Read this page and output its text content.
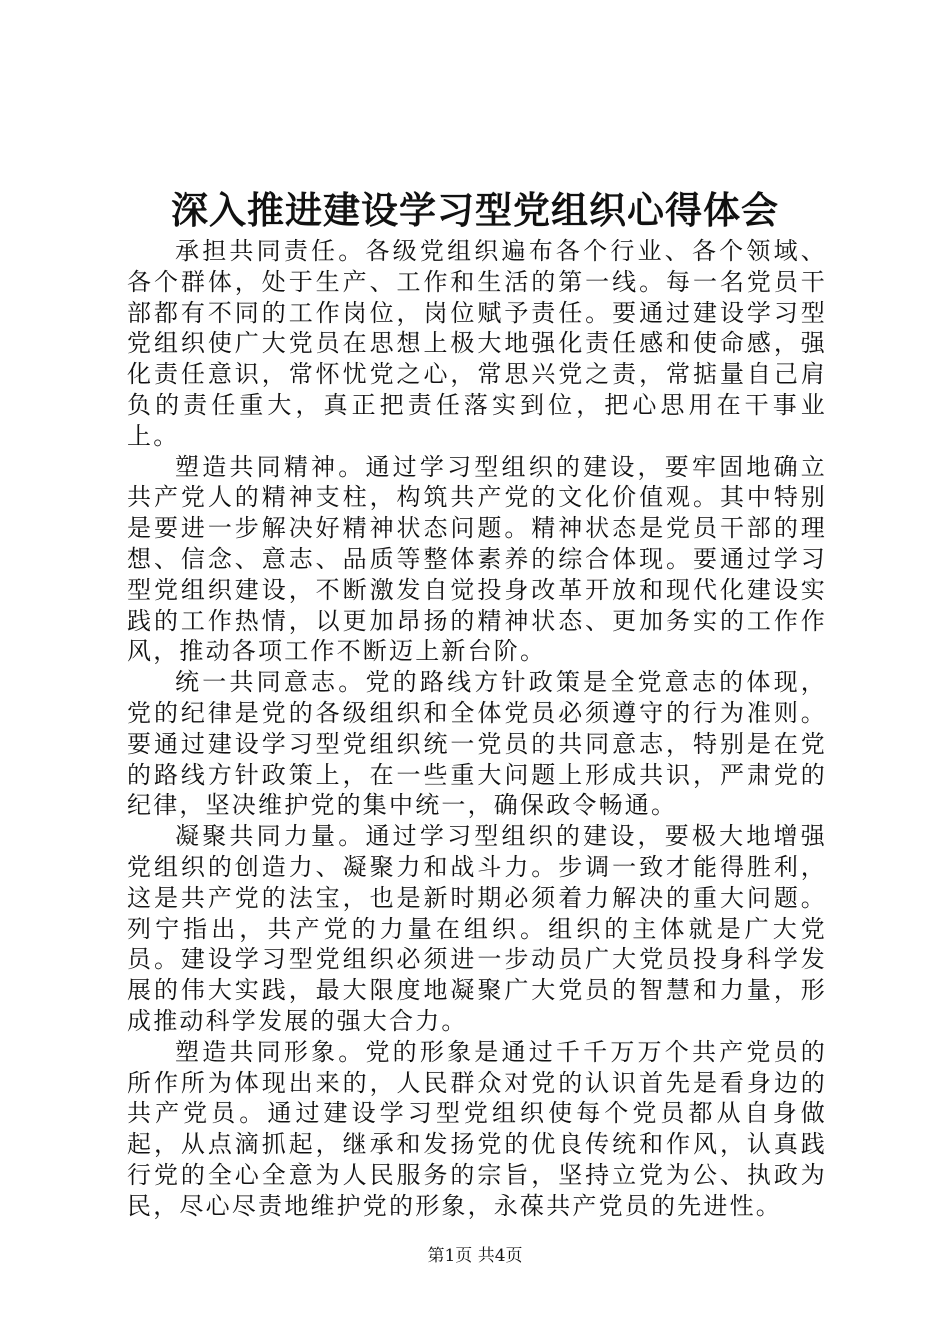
深入推进建设学习型党组织心得体会

承担共同责任。各级党组织遍布各个行业、各个领域、各个群体，处于生产、工作和生活的第一线。每一名党员干部都有不同的工作岗位，岗位赋予责任。要通过建设学习型党组织使广大党员在思想上极大地强化责任感和使命感，强化责任意识，常怀忧党之心，常思兴党之责，常掂量自己肩负的责任重大，真正把责任落实到位，把心思用在干事业上。

塑造共同精神。通过学习型组织的建设，要牢固地确立共产党人的精神支柱，构筑共产党的文化价值观。其中特别是要进一步解决好精神状态问题。精神状态是党员干部的理想、信念、意志、品质等整体素养的综合体现。要通过学习型党组织建设，不断激发自觉投身改革开放和现代化建设实践的工作热情，以更加昂扬的精神状态、更加务实的工作作风，推动各项工作不断迈上新台阶。

统一共同意志。党的路线方针政策是全党意志的体现，党的纪律是党的各级组织和全体党员必须遵守的行为准则。要通过建设学习型党组织统一党员的共同意志，特别是在党的路线方针政策上，在一些重大问题上形成共识，严肃党的纪律，坚决维护党的集中统一，确保政令畅通。

凝聚共同力量。通过学习型组织的建设，要极大地增强党组织的创造力、凝聚力和战斗力。步调一致才能得胜利，这是共产党的法宝，也是新时期必须着力解决的重大问题。列宁指出，共产党的力量在组织。组织的主体就是广大党员。建设学习型党组织必须进一步动员广大党员投身科学发展的伟大实践，最大限度地凝聚广大党员的智慧和力量，形成推动科学发展的强大合力。

塑造共同形象。党的形象是通过千千万万个共产党员的所作所为体现出来的，人民群众对党的认识首先是看身边的共产党员。通过建设学习型党组织使每个党员都从自身做起，从点滴抓起，继承和发扬党的优良传统和作风，认真践行党的全心全意为人民服务的宗旨，坚持立党为公、执政为民，尽心尽责地维护党的形象，永葆共产党员的先进性。

第1页 共4页
